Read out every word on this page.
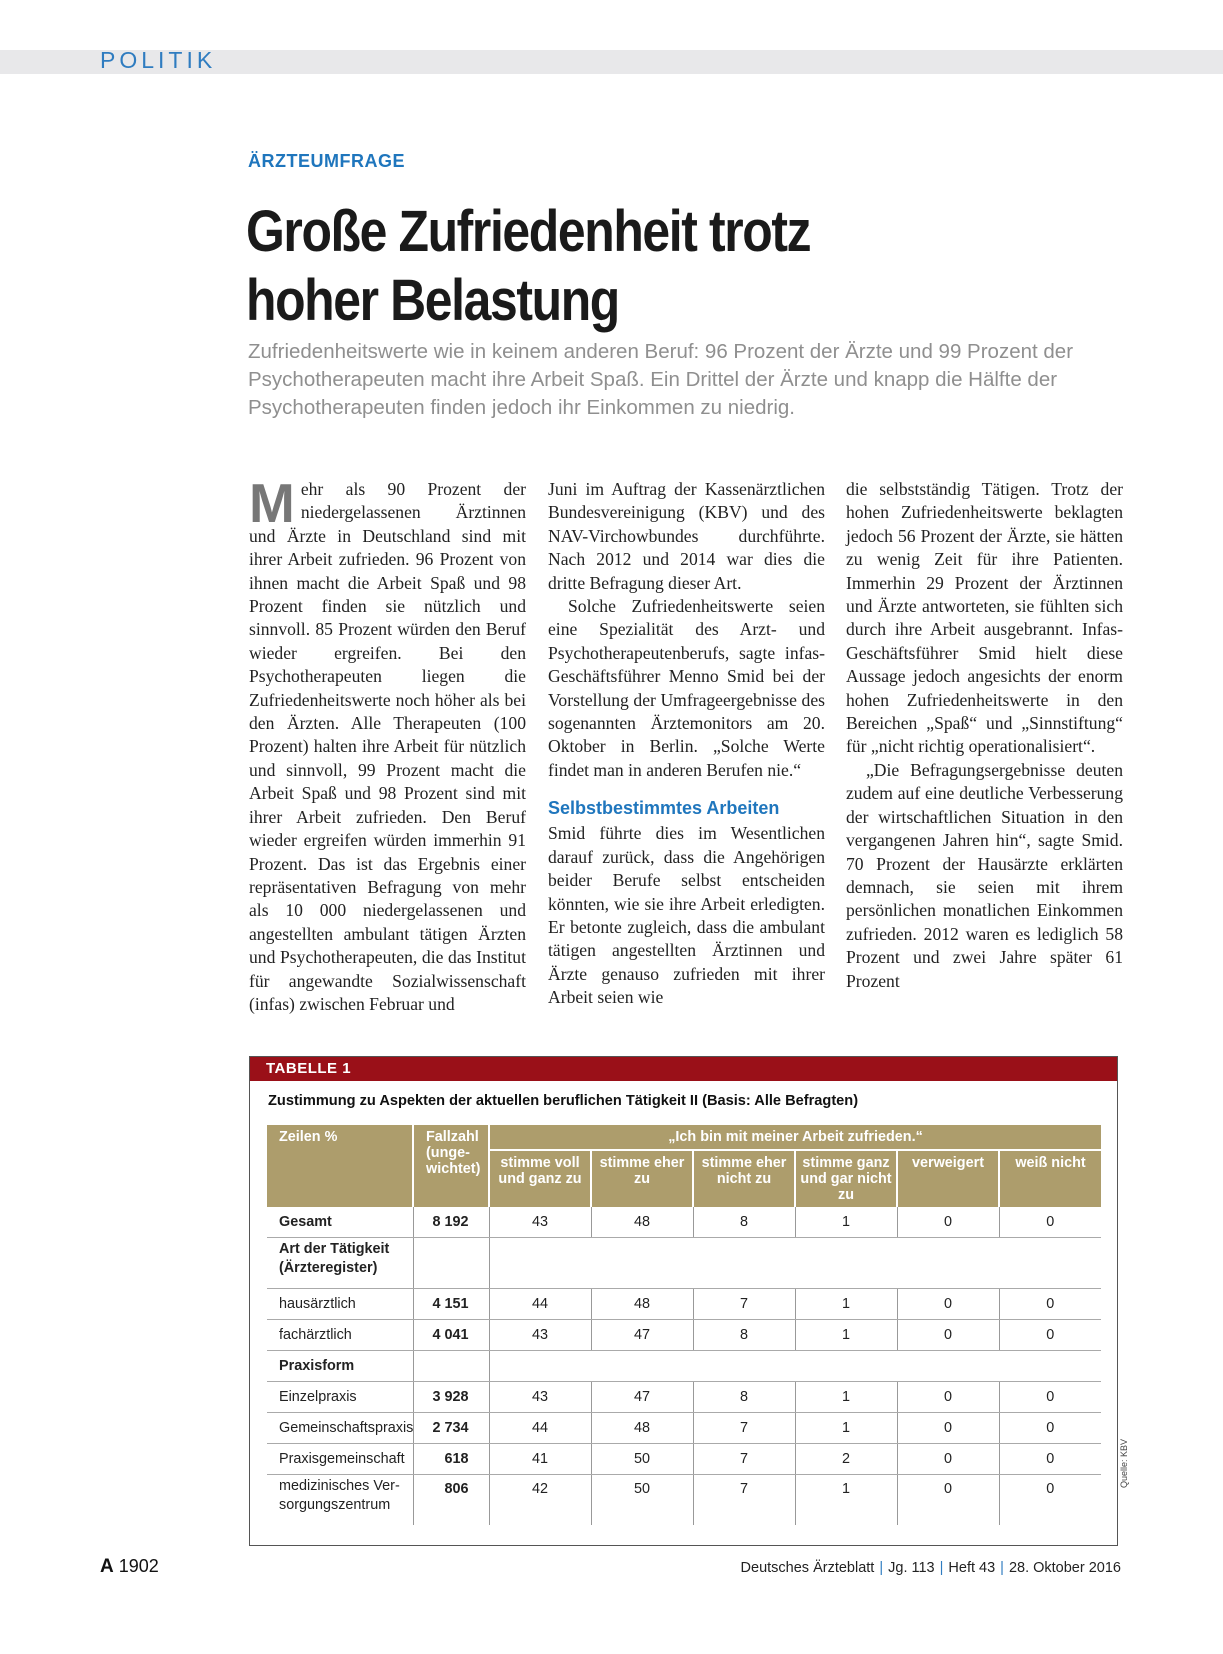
POLITIK
ÄRZTEUMFRAGE
Große Zufriedenheit trotz
hoher Belastung

Zufriedenheitswerte wie in keinem anderen Beruf: 96 Prozent der Ärzte und 99 Prozent der Psychotherapeuten macht ihre Arbeit Spaß. Ein Drittel der Ärzte und knapp die Hälfte der Psychotherapeuten finden jedoch ihr Einkommen zu niedrig.

Mehr als 90 Prozent der niedergelassenen Ärztinnen und Ärzte in Deutschland sind mit ihrer Arbeit zufrieden. 96 Prozent von ihnen macht die Arbeit Spaß und 98 Prozent finden sie nützlich und sinnvoll. 85 Prozent würden den Beruf wieder ergreifen. Bei den Psychotherapeuten liegen die Zufriedenheitswerte noch höher als bei den Ärzten. Alle Therapeuten (100 Prozent) halten ihre Arbeit für nützlich und sinnvoll, 99 Prozent macht die Arbeit Spaß und 98 Prozent sind mit ihrer Arbeit zufrieden. Den Beruf wieder ergreifen würden immerhin 91 Prozent. Das ist das Ergebnis einer repräsentativen Befragung von mehr als 10 000 niedergelassenen und angestellten ambulant tätigen Ärzten und Psychotherapeuten, die das Institut für angewandte Sozialwissenschaft (infas) zwischen Februar und

Juni im Auftrag der Kassenärztlichen Bundesvereinigung (KBV) und des NAV-Virchowbundes durchführte. Nach 2012 und 2014 war dies die dritte Befragung dieser Art.

Solche Zufriedenheitswerte seien eine Spezialität des Arzt- und Psychotherapeutenberufs, sagte infas-Geschäftsführer Menno Smid bei der Vorstellung der Umfrageergebnisse des sogenannten Ärztemonitors am 20. Oktober in Berlin. „Solche Werte findet man in anderen Berufen nie.“

Selbstbestimmtes Arbeiten

Smid führte dies im Wesentlichen darauf zurück, dass die Angehörigen beider Berufe selbst entscheiden könnten, wie sie ihre Arbeit erledigten. Er betonte zugleich, dass die ambulant tätigen angestellten Ärztinnen und Ärzte genauso zufrieden mit ihrer Arbeit seien wie

die selbstständig Tätigen. Trotz der hohen Zufriedenheitswerte beklagten jedoch 56 Prozent der Ärzte, sie hätten zu wenig Zeit für ihre Patienten. Immerhin 29 Prozent der Ärztinnen und Ärzte antworteten, sie fühlten sich durch ihre Arbeit ausgebrannt. Infas-Geschäftsführer Smid hielt diese Aussage jedoch angesichts der enorm hohen Zufriedenheitswerte in den Bereichen „Spaß“ und „Sinnstiftung“ für „nicht richtig operationalisiert“.

„Die Befragungsergebnisse deuten zudem auf eine deutliche Verbesserung der wirtschaftlichen Situation in den vergangenen Jahren hin“, sagte Smid. 70 Prozent der Hausärzte erklärten demnach, sie seien mit ihrem persönlichen monatlichen Einkommen zufrieden. 2012 waren es lediglich 58 Prozent und zwei Jahre später 61 Prozent

TABELLE 1
Zustimmung zu Aspekten der aktuellen beruflichen Tätigkeit II (Basis: Alle Befragten)
Zeilen %	Fallzahl (ungewichtet)	„Ich bin mit meiner Arbeit zufrieden.“					
		stimme voll und ganz zu	stimme eher zu	stimme eher nicht zu	stimme ganz und gar nicht zu	verweigert	weiß nicht
Gesamt	8 192	43	48	8	1	0	0
Art der Tätigkeit (Ärzteregister)							
hausärztlich	4 151	44	48	7	1	0	0
fachärztlich	4 041	43	47	8	1	0	0
Praxisform							
Einzelpraxis	3 928	43	47	8	1	0	0
Gemeinschaftspraxis	2 734	44	48	7	1	0	0
Praxisgemeinschaft	618	41	50	7	2	0	0
medizinisches Versorgungszentrum	806	42	50	7	1	0	0
Quelle: KBV
A 1902	Deutsches Ärzteblatt | Jg. 113 | Heft 43 | 28. Oktober 2016
